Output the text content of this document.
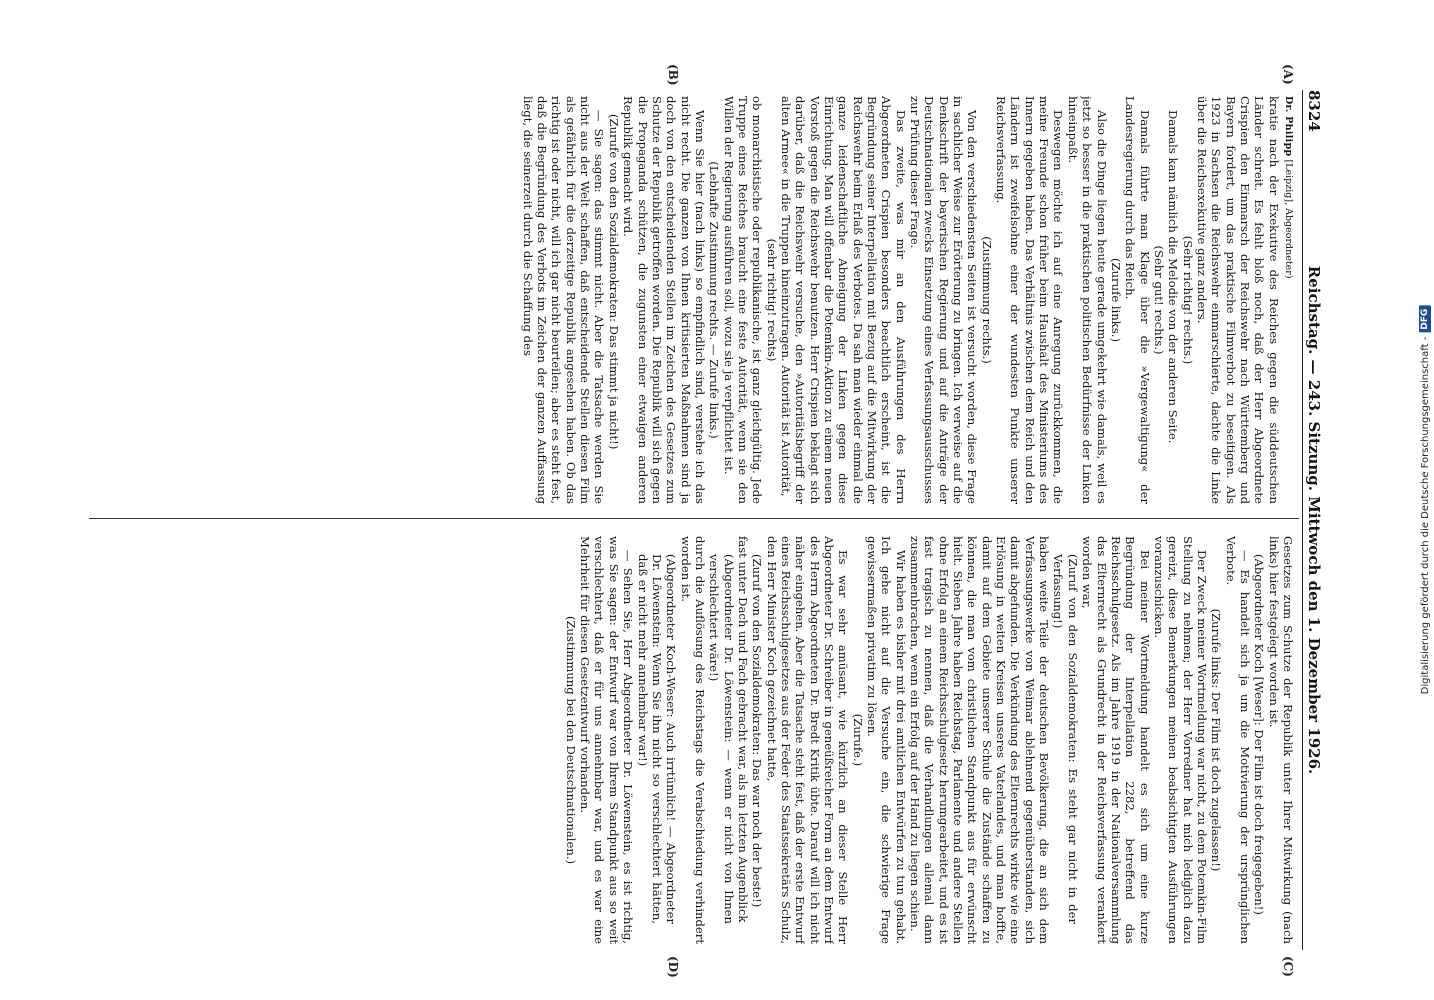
8324
Reichstag. — 243. Sitzung. Mittwoch den 1. Dezember 1926.
(A)
(B)
(C)
(D)
Dr. Philipp [Leipzig], Abgeordneter)

kratie nach der Exekutive des Reiches gegen die süddeutschen Länder schreit. Es fehlt bloß noch, daß der Herr Abgeordnete Crispien den Einmarsch der Reichswehr nach Württemberg und Bayern fordert, um das praktische Filmverbot zu beseitigen. Als 1923 in Sachsen die Reichswehr einmarschierte, dachte die Linke über die Reichsexekutive ganz anders.

(Sehr richtig! rechts.)

Damals kam nämlich die Melodie von der anderen Seite.

(Sehr gut! rechts.)

Damals führte man Klage über die »Vergewaltigung« der Landesregierung durch das Reich.

(Zurufe links.)

Also die Dinge liegen heute gerade umgekehrt wie damals, weil es jetzt so besser in die praktischen politischen Bedürfnisse der Linken hineinpaßt.

Deswegen möchte ich auf eine Anregung zurückkommen, die meine Freunde schon früher beim Haushalt des Ministeriums des Innern gegeben haben. Das Verhältnis zwischen dem Reich und den Ländern ist zweifelsohne einer der wundesten Punkte unserer Reichsverfassung.

(Zustimmung rechts.)

Von den verschiedensten Seiten ist versucht worden, diese Frage in sachlicher Weise zur Erörterung zu bringen. Ich verweise auf die Denkschrift der bayerischen Regierung und auf die Anträge der Deutschnationalen zwecks Einsetzung eines Verfassungsausschusses zur Prüfung dieser Frage.

Das zweite, was mir an den Ausführungen des Herrn Abgeordneten Crispien besonders beachtlich erscheint, ist die Begründung seiner Interpellation mit Bezug auf die Mitwirkung der Reichswehr beim Erlaß des Verbotes. Da sah man wieder einmal die ganze leidenschaftliche Abneigung der Linken gegen diese Einrichtung. Man will offenbar die Potemkin-Aktion zu einem neuen Vorstoß gegen die Reichswehr benutzen. Herr Crispien beklagt sich darüber, daß die Reichswehr versuche, den »Autoritätsbegriff der alten Armee« in die Truppen hineinzutragen. Autorität ist Autorität,

(sehr richtig! rechts)

ob monarchistische oder republikanische, ist ganz gleichgültig. Jede Truppe eines Reiches braucht eine feste Autorität, wenn sie den Willen der Regierung ausführen soll, wozu sie ja verpflichtet ist.

(Lebhafte Zustimmung rechts. — Zurufe links.)

Wenn Sie hier (nach links) so empfindlich sind, verstehe ich das nicht recht. Die ganzen von Ihnen kritisierten Maßnahmen sind ja doch von den entscheidenden Stellen im Zeichen des Gesetzes zum Schutze der Republik getroffen worden. Die Republik will sich gegen die Propaganda schützen, die zugunsten einer etwaigen anderen Republik gemacht wird.

(Zurufe von den Sozialdemokraten: Das stimmt ja nicht!)

— Sie sagen: das stimmt nicht. Aber die Tatsache werden Sie nicht aus der Welt schaffen, daß entscheidende Stellen diesen Film als gefährlich für die derzeitige Republik angesehen haben. Ob das richtig ist oder nicht, will ich gar nicht beurteilen; aber es steht fest, daß die Begründung des Verbots im Zeichen der ganzen Auffassung liegt, die seinerzeit durch die Schaffung des

Gesetzes zum Schutze der Republik unter Ihrer Mitwirkung (nach links) hier festgelegt worden ist.

(Abgeordneter Koch [Weser]: Der Film ist doch freigegeben!)

— Es handelt sich ja um die Motivierung der ursprünglichen Verbote.

(Zurufe links: Der Film ist doch zugelassen!)

Der Zweck meiner Wortmeldung war nicht, zu dem Potemkin-Film Stellung zu nehmen; der Herr Vorredner hat mich lediglich dazu gereizt, diese Bemerkungen meinen beabsichtigten Ausführungen voranzuschicken.

Bei meiner Wortmeldung handelt es sich um eine kurze Begründung der Interpellation 2282, betreffend das Reichsschulgesetz. Als im Jahre 1919 in der Nationalversammlung das Elternrecht als Grundrecht in der Reichsverfassung verankert worden war,

(Zuruf von den Sozialdemokraten: Es steht gar nicht in der Verfassung!)

haben weite Teile der deutschen Bevölkerung, die an sich dem Verfassungswerke von Weimar ablehnend gegenüberstanden, sich damit abgefunden. Die Verkündung des Elternrechts wirkte wie eine Erlösung in weiten Kreisen unseres Vaterlandes, und man hoffte, damit auf dem Gebiete unserer Schule die Zustände schaffen zu können, die man vom christlichen Standpunkt aus für erwünscht hielt. Sieben Jahre haben Reichstag, Parlamente und andere Stellen ohne Erfolg an einem Reichsschulgesetz herumgearbeitet, und es ist fast tragisch zu nennen, daß die Verhandlungen allemal dann zusammenbrachen, wenn ein Erfolg auf der Hand zu liegen schien.

Wir haben es bisher mit drei amtlichen Entwürfen zu tun gehabt. Ich gehe nicht auf die Versuche ein, die schwierige Frage gewissermaßen privatim zu lösen.

(Zurufe.)

Es war sehr amüsant, wie kürzlich an dieser Stelle Herr Abgeordneter Dr. Schreiber in geneüßreicher Form an dem Entwurf des Herrn Abgeordneten Dr. Bredt Kritik übte. Darauf will ich nicht näher eingehen. Aber die Tatsache steht fest, daß der erste Entwurf eines Reichsschulgesetzes aus der Feder des Staatssekretärs Schulz, den Herr Minister Koch gezeichnet hatte,

(Zuruf von den Sozialdemokraten: Das war noch der beste!)

fast unter Dach und Fach gebracht war, als im letzten Augenblick

(Abgeordneter Dr. Löwenstein: — wenn er nicht von Ihnen verschlechtert wäre!)

durch die Auflösung des Reichstags die Verabschiedung verhindert worden ist.

(Abgeordneter Koch-Weser: Auch irrtümlich! — Abgeordneter Dr. Löwenstein: Wenn Sie ihn nicht so verschlechtert hätten, daß er nicht mehr annehmbar war!)

— Sehen Sie, Herr Abgeordneter Dr. Löwenstein, es ist richtig, was Sie sagen: der Entwurf war von Ihrem Standpunkt aus so weit verschlechtert, daß er für uns annehmbar war, und es war eine Mehrheit für diesen Gesetzentwurf vorhanden.

(Zustimmung bei den Deutschnationalen.)

Digitalisierung gefördert durch die Deutsche Forschungsgemeinschaft -
DFG
